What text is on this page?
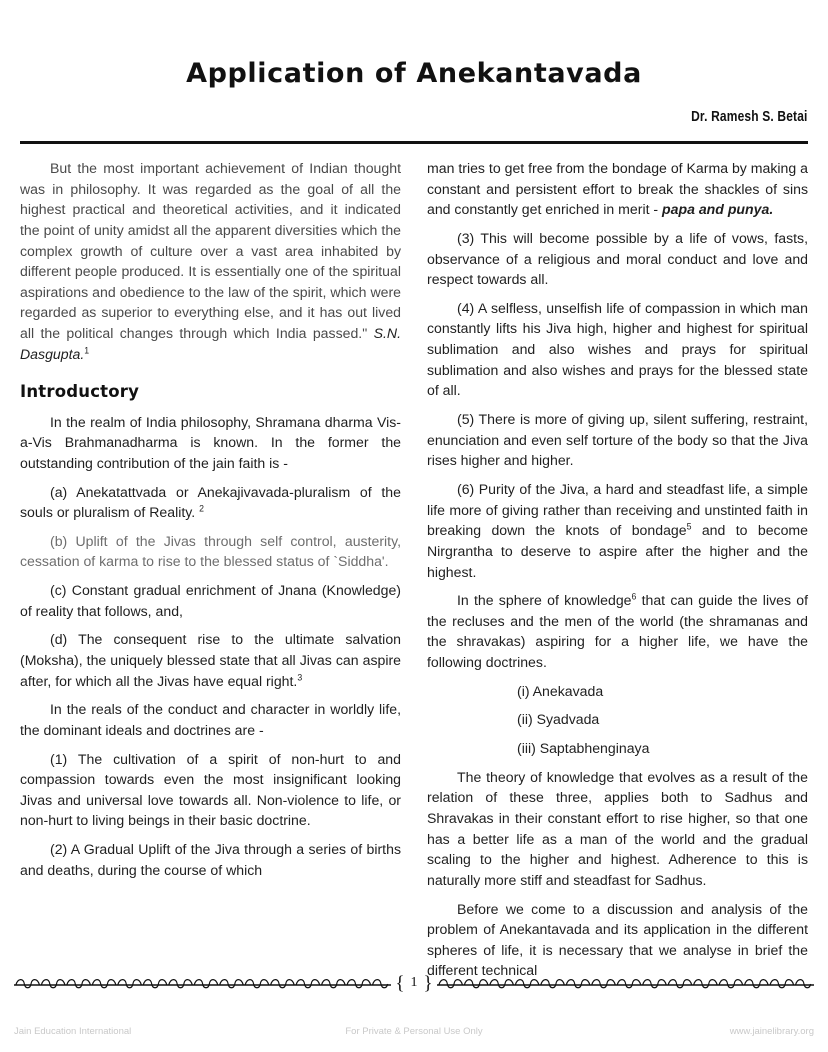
Application of Anekantavada
Dr. Ramesh S. Betai

But the most important achievement of Indian thought was in philosophy. It was regarded as the goal of all the highest practical and theoretical activities, and it indicated the point of unity amidst all the apparent diversities which the complex growth of culture over a vast area inhabited by different people produced. It is essentially one of the spiritual aspirations and obedience to the law of the spirit, which were regarded as superior to everything else, and it has out lived all the political changes through which India passed." S.N. Dasgupta.$^1$

Introductory

In the realm of India philosophy, Shramana dharma Vis-a-Vis Brahmanadharma is known. In the former the outstanding contribution of the jain faith is -

(a) Anekatattvada or Anekajivavada-pluralism of the souls or pluralism of Reality. $^2$

(b) Uplift of the Jivas through self control, austerity, cessation of karma to rise to the blessed status of `Siddha'.

(c) Constant gradual enrichment of Jnana (Knowledge) of reality that follows, and,

(d) The consequent rise to the ultimate salvation (Moksha), the uniquely blessed state that all Jivas can aspire after, for which all the Jivas have equal right.$^3$

In the reals of the conduct and character in worldly life, the dominant ideals and doctrines are -

(1) The cultivation of a spirit of non-hurt to and compassion towards even the most insignificant looking Jivas and universal love towards all. Non-violence to life, or non-hurt to living beings in their basic doctrine.

(2) A Gradual Uplift of the Jiva through a series of births and deaths, during the course of which

man tries to get free from the bondage of Karma by making a constant and persistent effort to break the shackles of sins and constantly get enriched in merit - papa and punya.

(3) This will become possible by a life of vows, fasts, observance of a religious and moral conduct and love and respect towards all.

(4) A selfless, unselfish life of compassion in which man constantly lifts his Jiva high, higher and highest for spiritual sublimation and also wishes and prays for spiritual sublimation and also wishes and prays for the blessed state of all.

(5) There is more of giving up, silent suffering, restraint, enunciation and even self torture of the body so that the Jiva rises higher and higher.

(6) Purity of the Jiva, a hard and steadfast life, a simple life more of giving rather than receiving and unstinted faith in breaking down the knots of bondage$^5$ and to become Nirgrantha to deserve to aspire after the higher and the highest.

In the sphere of knowledge$^6$ that can guide the lives of the recluses and the men of the world (the shramanas and the shravakas) aspiring for a higher life, we have the following doctrines.

(i) Anekavada

(ii) Syadvada

(iii) Saptabhenginaya

The theory of knowledge that evolves as a result of the relation of these three, applies both to Sadhus and Shravakas in their constant effort to rise higher, so that one has a better life as a man of the world and the gradual scaling to the higher and highest. Adherence to this is naturally more stiff and steadfast for Sadhus.

Before we come to a discussion and analysis of the problem of Anekantavada and its application in the different spheres of life, it is necessary that we analyse in brief the different technical

{ 1 }
Jain Education International	For Private & Personal Use Only	www.jainelibrary.org
